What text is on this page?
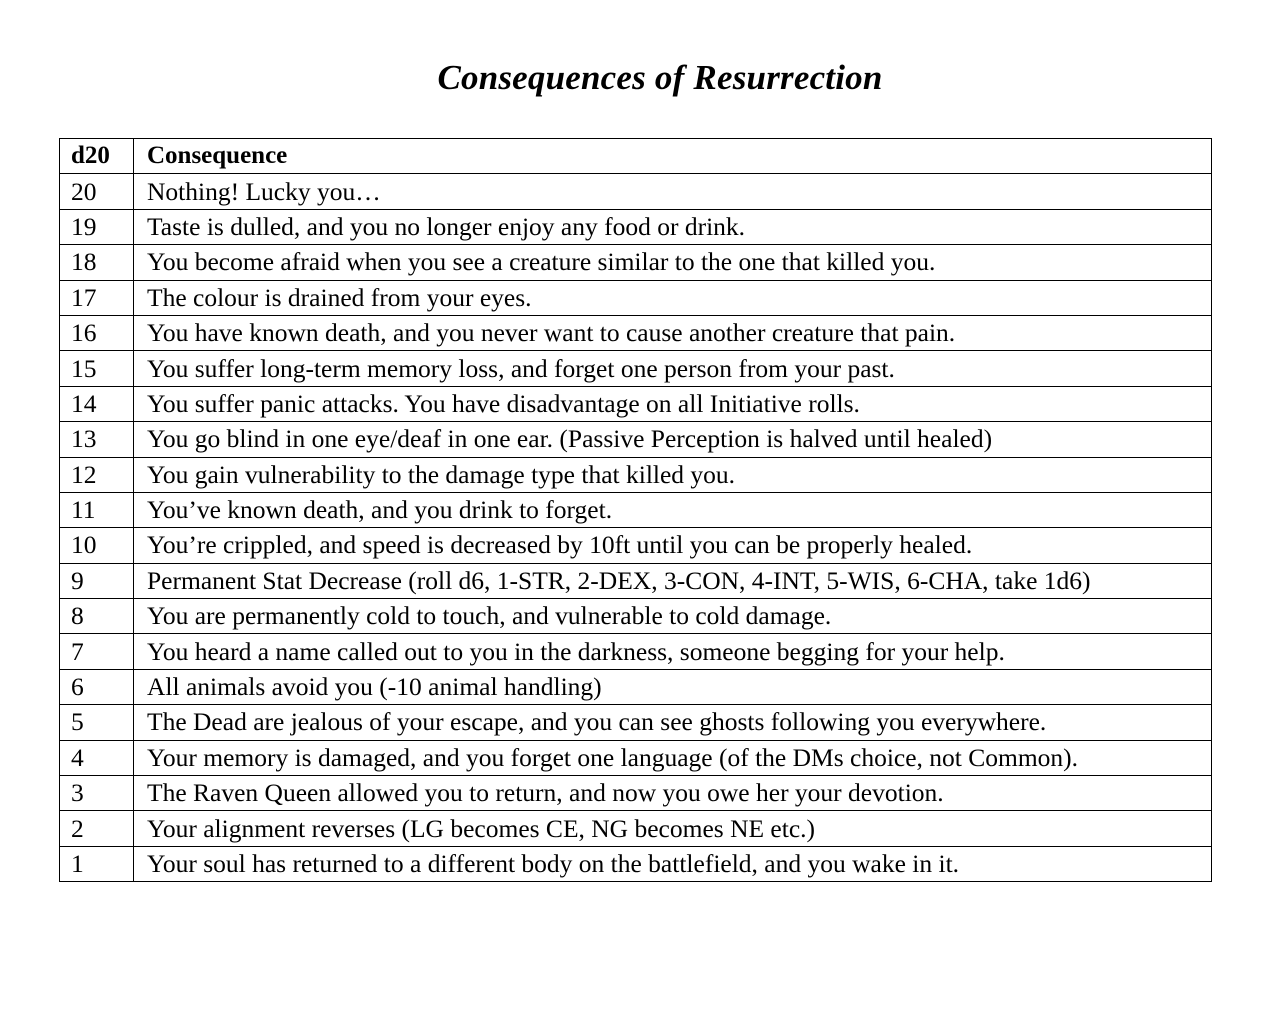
Consequences of Resurrection
d20	Consequence
20	Nothing! Lucky you…
19	Taste is dulled, and you no longer enjoy any food or drink.
18	You become afraid when you see a creature similar to the one that killed you.
17	The colour is drained from your eyes.
16	You have known death, and you never want to cause another creature that pain.
15	You suffer long-term memory loss, and forget one person from your past.
14	You suffer panic attacks. You have disadvantage on all Initiative rolls.
13	You go blind in one eye/deaf in one ear. (Passive Perception is halved until healed)
12	You gain vulnerability to the damage type that killed you.
11	You’ve known death, and you drink to forget.
10	You’re crippled, and speed is decreased by 10ft until you can be properly healed.
9	Permanent Stat Decrease (roll d6, 1-STR, 2-DEX, 3-CON, 4-INT, 5-WIS, 6-CHA, take 1d6)
8	You are permanently cold to touch, and vulnerable to cold damage.
7	You heard a name called out to you in the darkness, someone begging for your help.
6	All animals avoid you (-10 animal handling)
5	The Dead are jealous of your escape, and you can see ghosts following you everywhere.
4	Your memory is damaged, and you forget one language (of the DMs choice, not Common).
3	The Raven Queen allowed you to return, and now you owe her your devotion.
2	Your alignment reverses (LG becomes CE, NG becomes NE etc.)
1	Your soul has returned to a different body on the battlefield, and you wake in it.
